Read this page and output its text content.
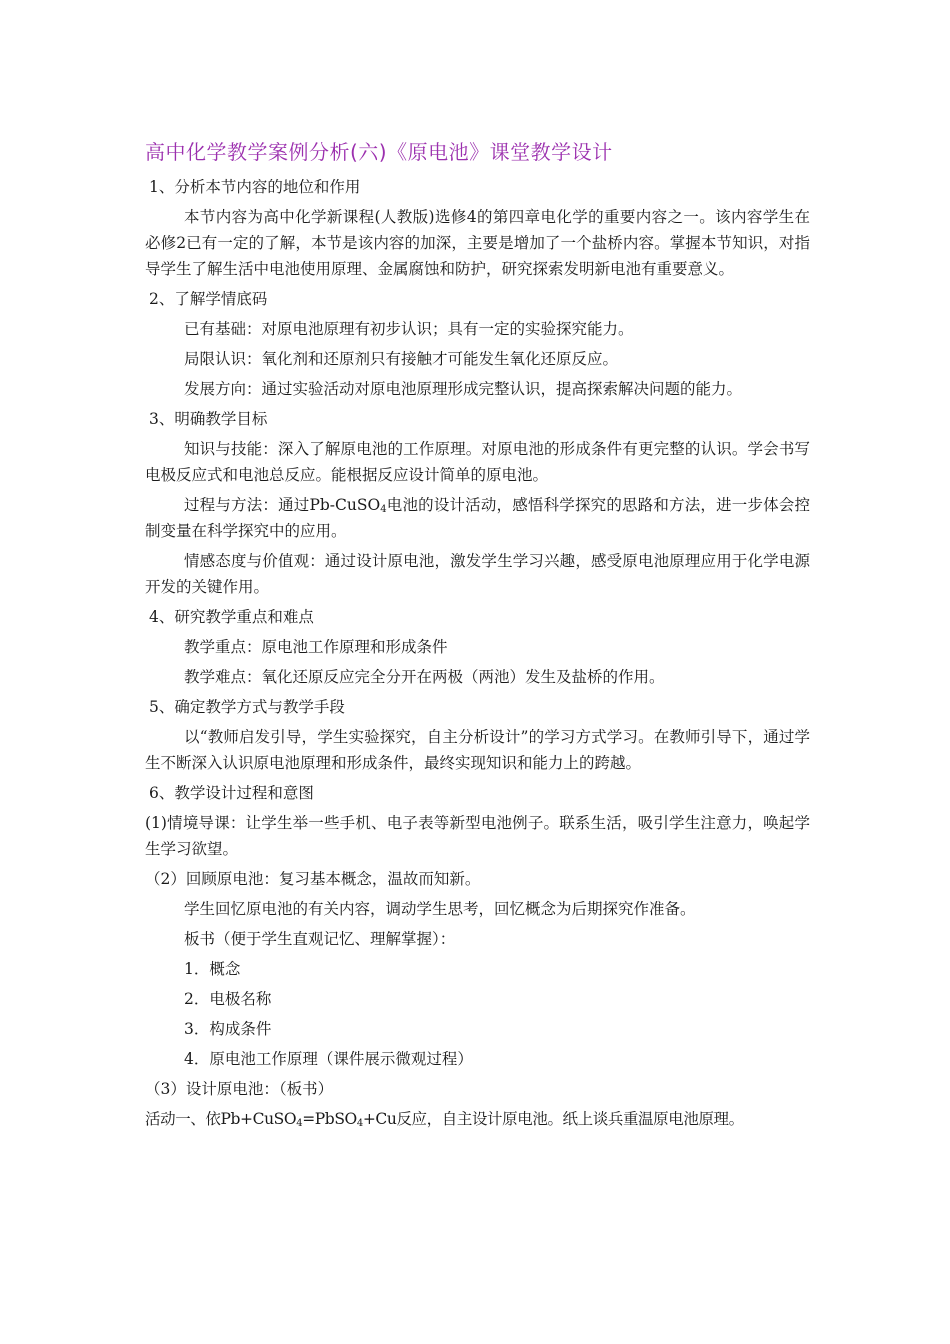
高中化学教学案例分析(六)《原电池》课堂教学设计

1、分析本节内容的地位和作用

本节内容为高中化学新课程(人教版)选修4的第四章电化学的重要内容之一。该内容学生在必修2已有一定的了解，本节是该内容的加深，主要是增加了一个盐桥内容。掌握本节知识，对指导学生了解生活中电池使用原理、金属腐蚀和防护，研究探索发明新电池有重要意义。

2、了解学情底码

已有基础：对原电池原理有初步认识；具有一定的实验探究能力。

局限认识：氧化剂和还原剂只有接触才可能发生氧化还原反应。

发展方向：通过实验活动对原电池原理形成完整认识，提高探索解决问题的能力。

3、明确教学目标

知识与技能：深入了解原电池的工作原理。对原电池的形成条件有更完整的认识。学会书写电极反应式和电池总反应。能根据反应设计简单的原电池。

过程与方法：通过Pb-CuSO$_4$电池的设计活动，感悟科学探究的思路和方法，进一步体会控制变量在科学探究中的应用。

情感态度与价值观：通过设计原电池，激发学生学习兴趣，感受原电池原理应用于化学电源开发的关键作用。

4、研究教学重点和难点

教学重点：原电池工作原理和形成条件

教学难点：氧化还原反应完全分开在两极（两池）发生及盐桥的作用。

5、确定教学方式与教学手段

以“教师启发引导，学生实验探究，自主分析设计”的学习方式学习。在教师引导下，通过学生不断深入认识原电池原理和形成条件，最终实现知识和能力上的跨越。

6、教学设计过程和意图

(1)情境导课：让学生举一些手机、电子表等新型电池例子。联系生活，吸引学生注意力，唤起学生学习欲望。

（2）回顾原电池：复习基本概念，温故而知新。

学生回忆原电池的有关内容，调动学生思考，回忆概念为后期探究作准备。

板书（便于学生直观记忆、理解掌握）：

1．概念

2．电极名称

3．构成条件

4．原电池工作原理（课件展示微观过程）

（3）设计原电池：（板书）

活动一、依Pb+CuSO$_4$=PbSO$_4$+Cu反应，自主设计原电池。纸上谈兵重温原电池原理。
